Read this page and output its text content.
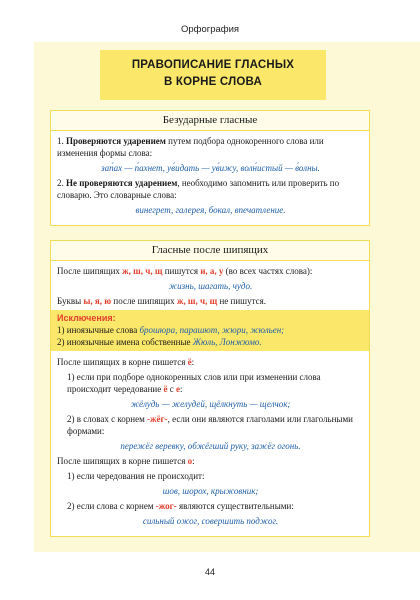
Орфография
ПРАВОПИСАНИЕ ГЛАСНЫХ
В КОРНЕ СЛОВА
Безударные гласные

1. Проверяются ударением путем подбора однокоренного слова или изменения формы слова:

зап́ах — п́ахнет, ув́идать — ув́ижу, волн́истый — в́олны.

2. Не проверяются ударением, необходимо запомнить или проверить по словарю. Это словарные слова:

винегрет, галерея, бокал, впечатление.

Гласные после шипящих

После шипящих ж, ш, ч, щ пишутся и, а, у (во всех частях слова):

жизнь, шагать, чудо.

Буквы ы, я, ю после шипящих ж, ш, ч, щ не пишутся.

Исключения:
1) иноязычные слова брошюра, парашют, жюри, жюльен;
2) иноязычные имена собственные Жюль, Лонжюмо.

После шипящих в корне пишется ё:

1) если при подборе однокоренных слов или при изменении слова происходит чередование ё с е:

жёлудь — желудей, щёлкнуть — щелчок;

2) в словах с корнем -жёг-, если они являются глаголами или глагольными формами:

пережёг веревку, обжёгший руку, зажёг огонь.

После шипящих в корне пишется о:

1) если чередования не происходит:

шов, шорох, крыжовник;

2) если слова с корнем -жог- являются существительными:

сильный ожог, совершить поджог.

44
